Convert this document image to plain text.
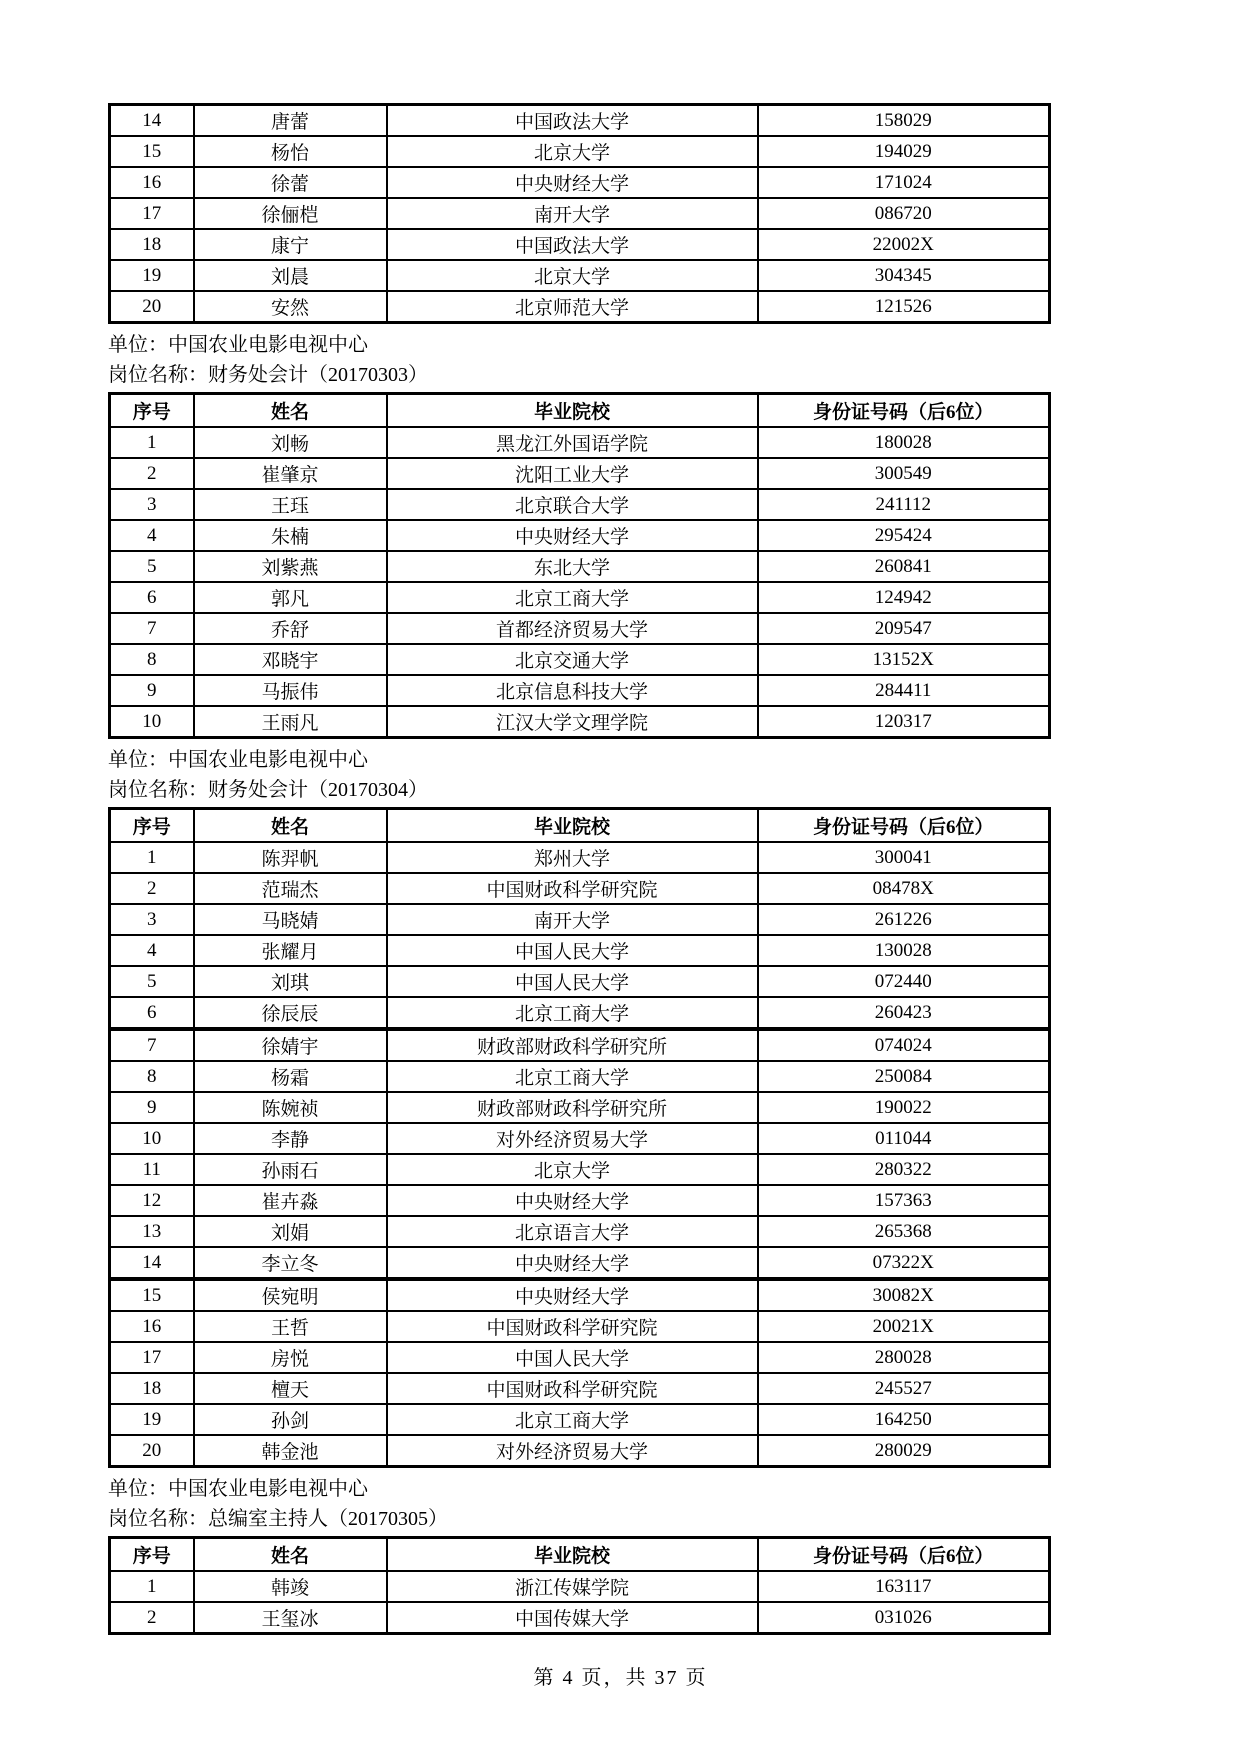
14	唐蕾	中国政法大学	158029
15	杨怡	北京大学	194029
16	徐蕾	中央财经大学	171024
17	徐俪桤	南开大学	086720
18	康宁	中国政法大学	22002X
19	刘晨	北京大学	304345
20	安然	北京师范大学	121526
单位：中国农业电影电视中心
岗位名称：财务处会计（20170303）
序号	姓名	毕业院校	身份证号码（后6位）
1	刘畅	黑龙江外国语学院	180028
2	崔肇京	沈阳工业大学	300549
3	王珏	北京联合大学	241112
4	朱楠	中央财经大学	295424
5	刘紫燕	东北大学	260841
6	郭凡	北京工商大学	124942
7	乔舒	首都经济贸易大学	209547
8	邓晓宇	北京交通大学	13152X
9	马振伟	北京信息科技大学	284411
10	王雨凡	江汉大学文理学院	120317
单位：中国农业电影电视中心
岗位名称：财务处会计（20170304）
序号	姓名	毕业院校	身份证号码（后6位）
1	陈羿帆	郑州大学	300041
2	范瑞杰	中国财政科学研究院	08478X
3	马晓婧	南开大学	261226
4	张耀月	中国人民大学	130028
5	刘琪	中国人民大学	072440
6	徐辰辰	北京工商大学	260423
7	徐婧宇	财政部财政科学研究所	074024
8	杨霜	北京工商大学	250084
9	陈婉祯	财政部财政科学研究所	190022
10	李静	对外经济贸易大学	011044
11	孙雨石	北京大学	280322
12	崔卉淼	中央财经大学	157363
13	刘娟	北京语言大学	265368
14	李立冬	中央财经大学	07322X
15	侯宛明	中央财经大学	30082X
16	王哲	中国财政科学研究院	20021X
17	房悦	中国人民大学	280028
18	檀天	中国财政科学研究院	245527
19	孙剑	北京工商大学	164250
20	韩金池	对外经济贸易大学	280029
单位：中国农业电影电视中心
岗位名称：总编室主持人（20170305）
序号	姓名	毕业院校	身份证号码（后6位）
1	韩竣	浙江传媒学院	163117
2	王玺冰	中国传媒大学	031026
第 4 页，共 37 页
